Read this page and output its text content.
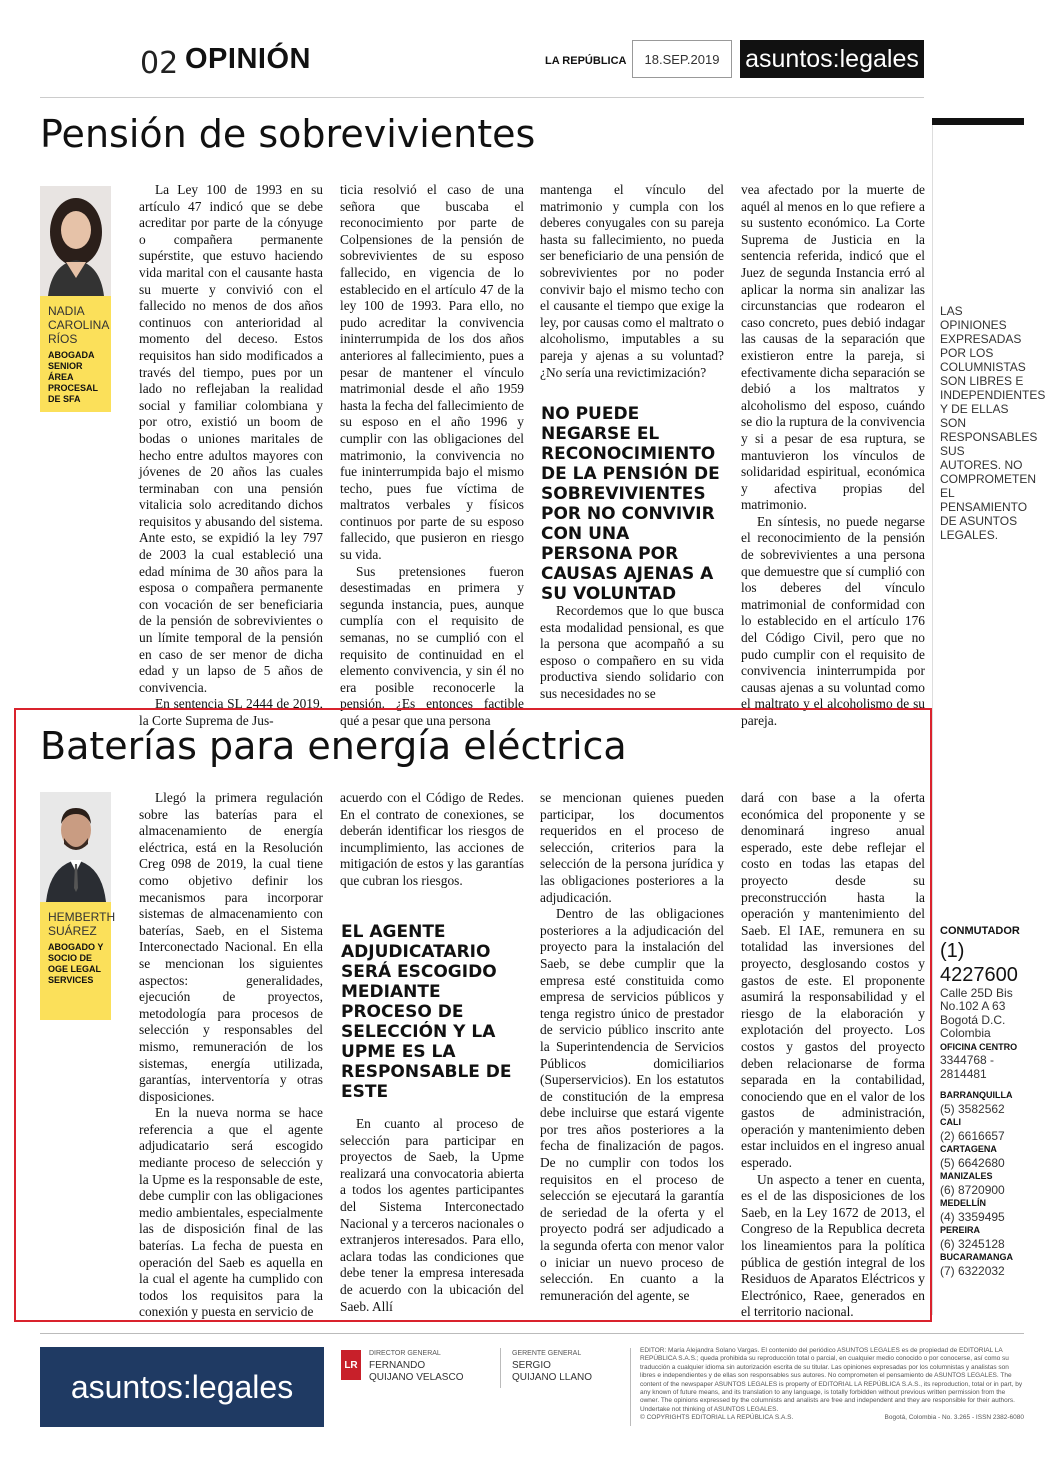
02 OPINIÓN	LA REPÚBLICA	18.SEP.2019	asuntos:legales
Pensión de sobrevivientes
NADIA CAROLINA RÍOS
ABOGADA SENIOR ÁREA PROCESAL DE SFA

La Ley 100 de 1993 en su artículo 47 indicó que se debe acreditar por parte de la cónyuge o compañera permanente supérstite, que estuvo haciendo vida marital con el causante hasta su muerte y convivió con el fallecido no menos de dos años continuos con anterioridad al momento del deceso. Estos requisitos han sido modificados a través del tiempo, pues por un lado no reflejaban la realidad social y familiar colombiana y por otro, existió un boom de bodas o uniones maritales de hecho entre adultos mayores con jóvenes de 20 años las cuales terminaban con una pensión vitalicia solo acreditando dichos requisitos y abusando del sistema. Ante esto, se expidió la ley 797 de 2003 la cual estableció una edad mínima de 30 años para la esposa o compañera permanente con vocación de ser beneficiaria de la pensión de sobrevivientes o un límite temporal de la pensión en caso de ser menor de dicha edad y un lapso de 5 años de convivencia.

En sentencia SL 2444 de 2019, la Corte Suprema de Jus-

ticia resolvió el caso de una señora que buscaba el reconocimiento por parte de Colpensiones de la pensión de sobrevivientes de su esposo fallecido, en vigencia de lo establecido en el artículo 47 de la ley 100 de 1993. Para ello, no pudo acreditar la convivencia ininterrumpida de los dos años anteriores al fallecimiento, pues a pesar de mantener el vínculo matrimonial desde el año 1959 hasta la fecha del fallecimiento de su esposo en el año 1996 y cumplir con las obligaciones del matrimonio, la convivencia no fue ininterrumpida bajo el mismo techo, pues fue víctima de maltratos verbales y físicos continuos por parte de su esposo fallecido, que pusieron en riesgo su vida.

Sus pretensiones fueron desestimadas en primera y segunda instancia, pues, aunque cumplía con el requisito de semanas, no se cumplió con el requisito de continuidad en el elemento convivencia, y sin él no era posible reconocerle la pensión. ¿Es entonces factible qué a pesar que una persona

mantenga el vínculo del matrimonio y cumpla con los deberes conyugales con su pareja hasta su fallecimiento, no pueda ser beneficiario de una pensión de sobrevivientes por no poder convivir bajo el mismo techo con el causante el tiempo que exige la ley, por causas como el maltrato o alcoholismo, imputables a su pareja y ajenas a su voluntad? ¿No sería una revictimización?

NO PUEDE NEGARSE EL RECONOCIMIENTO DE LA PENSIÓN DE SOBREVIVIENTES POR NO CONVIVIR CON UNA PERSONA POR CAUSAS AJENAS A SU VOLUNTAD

Recordemos que lo que busca esta modalidad pensional, es que la persona que acompañó a su esposo o compañero en su vida productiva siendo solidario con sus necesidades no se

vea afectado por la muerte de aquél al menos en lo que refiere a su sustento económico. La Corte Suprema de Justicia en la sentencia referida, indicó que el Juez de segunda Instancia erró al aplicar la norma sin analizar las circunstancias que rodearon el caso concreto, pues debió indagar las causas de la separación que existieron entre la pareja, si efectivamente dicha separación se debió a los maltratos y alcoholismo del esposo, cuándo se dio la ruptura de la convivencia y si a pesar de esa ruptura, se mantuvieron los vínculos de solidaridad espiritual, económica y afectiva propias del matrimonio.

En síntesis, no puede negarse el reconocimiento de la pensión de sobrevivientes a una persona que demuestre que sí cumplió con los deberes del vínculo matrimonial de conformidad con lo establecido en el artículo 176 del Código Civil, pero que no pudo cumplir con el requisito de convivencia ininterrumpida por causas ajenas a su voluntad como el maltrato y el alcoholismo de su pareja.

LAS OPINIONES EXPRESADAS POR LOS COLUMNISTAS SON LIBRES E INDEPENDIENTES Y DE ELLAS SON RESPONSABLES SUS AUTORES. NO COMPROMETEN EL PENSAMIENTO DE ASUNTOS LEGALES.
Baterías para energía eléctrica
HEMBERTH SUÁREZ
ABOGADO Y SOCIO DE OGE LEGAL SERVICES

Llegó la primera regulación sobre las baterías para el almacenamiento de energía eléctrica, está en la Resolución Creg 098 de 2019, la cual tiene como objetivo definir los mecanismos para incorporar sistemas de almacenamiento con baterías, Saeb, en el Sistema Interconectado Nacional. En ella se mencionan los siguientes aspectos: generalidades, ejecución de proyectos, metodología para procesos de selección y responsables del mismo, remuneración de los sistemas, energía utilizada, garantías, interventoría y otras disposiciones.

En la nueva norma se hace referencia a que el agente adjudicatario será escogido mediante proceso de selección y la Upme es la responsable de este, debe cumplir con las obligaciones medio ambientales, especialmente las de disposición final de las baterías. La fecha de puesta en operación del Saeb es aquella en la cual el agente ha cumplido con todos los requisitos para la conexión y puesta en servicio de

acuerdo con el Código de Redes. En el contrato de conexiones, se deberán identificar los riesgos de incumplimiento, las acciones de mitigación de estos y las garantías que cubran los riesgos.

EL AGENTE ADJUDICATARIO SERÁ ESCOGIDO MEDIANTE PROCESO DE SELECCIÓN Y LA UPME ES LA RESPONSABLE DE ESTE

En cuanto al proceso de selección para participar en proyectos de Saeb, la Upme realizará una convocatoria abierta a todos los agentes participantes del Sistema Interconectado Nacional y a terceros nacionales o extranjeros interesados. Para ello, aclara todas las condiciones que debe tener la empresa interesada de acuerdo con la ubicación del Saeb. Allí

se mencionan quienes pueden participar, los documentos requeridos en el proceso de selección, criterios para la selección de la persona jurídica y las obligaciones posteriores a la adjudicación.

Dentro de las obligaciones posteriores a la adjudicación del proyecto para la instalación del Saeb, se debe cumplir que la empresa esté constituida como empresa de servicios públicos y tenga registro único de prestador de servicio público inscrito ante la Superintendencia de Servicios Públicos domiciliarios (Superservicios). En los estatutos de constitución de la empresa debe incluirse que estará vigente por tres años posteriores a la fecha de finalización de pagos. De no cumplir con todos los requisitos en el proceso de selección se ejecutará la garantía de seriedad de la oferta y el proyecto podrá ser adjudicado a la segunda oferta con menor valor o iniciar un nuevo proceso de selección. En cuanto a la remuneración del agente, se

dará con base a la oferta económica del proponente y se denominará ingreso anual esperado, este debe reflejar el costo en todas las etapas del proyecto desde su preconstrucción hasta la operación y mantenimiento del Saeb. El IAE, remunera en su totalidad las inversiones del proyecto, desglosando costos y gastos de este. El proponente asumirá la responsabilidad y el riesgo de la elaboración y explotación del proyecto. Los costos y gastos del proyecto deben relacionarse de forma separada en la contabilidad, conociendo que en el valor de los gastos de administración, operación y mantenimiento deben estar incluidos en el ingreso anual esperado.

Un aspecto a tener en cuenta, es el de las disposiciones de los Saeb, en la Ley 1672 de 2013, el Congreso de la Republica decreta los lineamientos para la política pública de gestión integral de los Residuos de Aparatos Eléctricos y Electrónico, Raee, generados en el territorio nacional.

CONMUTADOR
(1) 4227600
Calle 25D Bis
No.102 A 63
Bogotá D.C.
Colombia
OFICINA CENTRO
3344768 - 2814481
BARRANQUILLA
(5) 3582562
CALI
(2) 6616657
CARTAGENA
(5) 6642680
MANIZALES
(6) 8720900
MEDELLÍN
(4) 3359495
PEREIRA
(6) 3245128
BUCARAMANGA
(7) 6322032
asuntos:legales
LR
DIRECTOR GENERAL
FERNANDO
QUIJANO VELASCO
GERENTE GENERAL
SERGIO
QUIJANO LLANO
EDITOR: María Alejandra Solano Vargas. El contenido del periódico ASUNTOS LEGALES es de propiedad de EDITORIAL LA REPÚBLICA S.A.S.; queda prohibida su reproducción total o parcial, en cualquier medio conocido o por conocerse, así como su traducción a cualquier idioma sin autorización escrita de su titular. Las opiniones expresadas por los columnistas y analistas son libres e independientes y de ellas son responsables sus autores. No comprometen el pensamiento de ASUNTOS LEGALES. The content of the newspaper ASUNTOS LEGALES is property of EDITORIAL LA REPÚBLICA S.A.S., its reproduction, total or in part, by any known of future means, and its translation to any language, is totally forbidden without previous written permission from the owner. The opinions expressed by the columnists and analists are free and independent and they are responsible for their authors. Undertake not thinking of ASUNTOS LEGALES.
© COPYRIGHTS EDITORIAL LA REPÚBLICA S.A.S.	Bogotá, Colombia - No. 3.265 - ISSN 2382-6080
